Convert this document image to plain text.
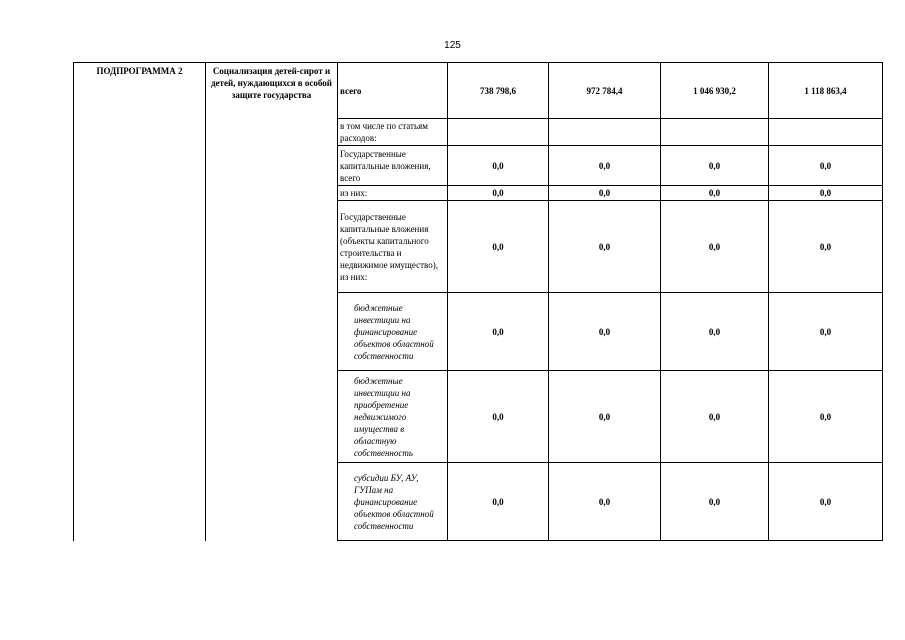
125
ПОДПРОГРАММА 2	Социализация детей-сирот и детей, нуждающихся в особой защите государства	всего	738 798,6	972 784,4	1 046 930,2	1 118 863,4
		в том числе по статьям расходов:				
		Государственные капитальные вложения, всего	0,0	0,0	0,0	0,0
		из них:	0,0	0,0	0,0	0,0
		Государственные капитальные вложения (объекты капитального строительства и недвижимое имущество), из них:	0,0	0,0	0,0	0,0
		бюджетные инвестиции на финансирование объектов областной собственности	0,0	0,0	0,0	0,0
		бюджетные инвестиции на приобретение недвижимого имущества в областную собственность	0,0	0,0	0,0	0,0
		субсидии БУ, АУ, ГУПам на финансирование объектов областной собственности	0,0	0,0	0,0	0,0
